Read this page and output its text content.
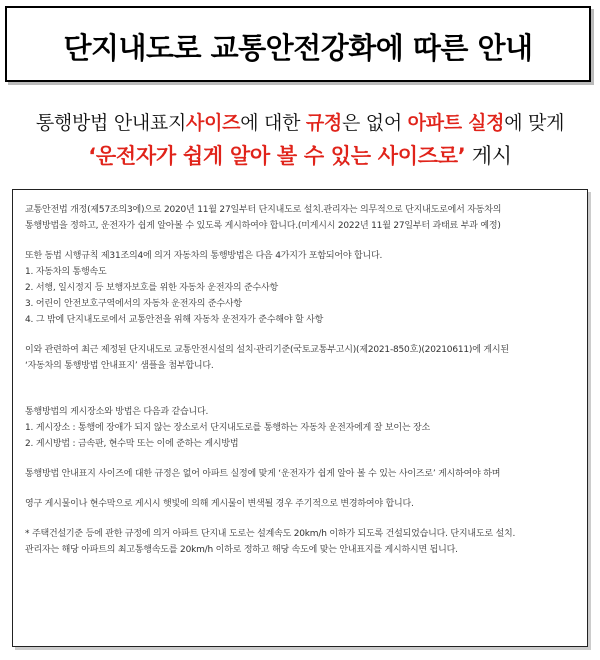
단지내도로 교통안전강화에 따른 안내
통행방법 안내표지사이즈에 대한 규정은 없어 아파트 실정에 맞게
‘운전자가 쉽게 알아 볼 수 있는 사이즈로’ 게시

교통안전법 개정(제57조의3에)으로 2020년 11월 27일부터 단지내도로 설치.관리자는 의무적으로 단지내도로에서 자동차의

통행방법을 정하고, 운전자가 쉽게 알아볼 수 있도록 게시하여야 합니다.(미게시시 2022년 11월 27일부터 과태료 부과 예정)

또한 동법 시행규칙 제31조의4에 의거 자동차의 통행방법은 다음 4가지가 포함되어야 합니다.

1. 자동차의 통행속도

2. 서행, 일시정지 등 보행자보호를 위한 자동차 운전자의 준수사항

3. 어린이 안전보호구역에서의 자동차 운전자의 준수사항

4. 그 밖에 단지내도로에서 교통안전을 위해 자동차 운전자가 준수해야 할 사항

이와 관련하여 최근 제정된 단지내도로 교통안전시설의 설치·관리기준(국토교통부고시)(제2021-850호)(20210611)에 게시된

‘자동차의 통행방법 안내표지’ 샘플을 첨부합니다.

통행방법의 게시장소와 방법은 다음과 같습니다.

1. 게시장소 : 통행에 장애가 되지 않는 장소로서 단지내도로를 통행하는 자동차 운전자에게 잘 보이는 장소

2. 게시방법 : 금속판, 현수막 또는 이에 준하는 게시방법

통행방법 안내표지 사이즈에 대한 규정은 없어 아파트 실정에 맞게 ‘운전자가 쉽게 알아 볼 수 있는 사이즈로’ 게시하여야 하며

영구 게시물이나 현수막으로 게시시 햇빛에 의해 게시물이 변색될 경우 주기적으로 변경하여야 합니다.

* 주택건설기준 등에 관한 규정에 의거 아파트 단지내 도로는 설계속도 20km/h 이하가 되도록 건설되었습니다. 단지내도로 설치.

관리자는 해당 아파트의 최고통행속도를 20km/h 이하로 정하고 해당 속도에 맞는 안내표지를 게시하시면 됩니다.
